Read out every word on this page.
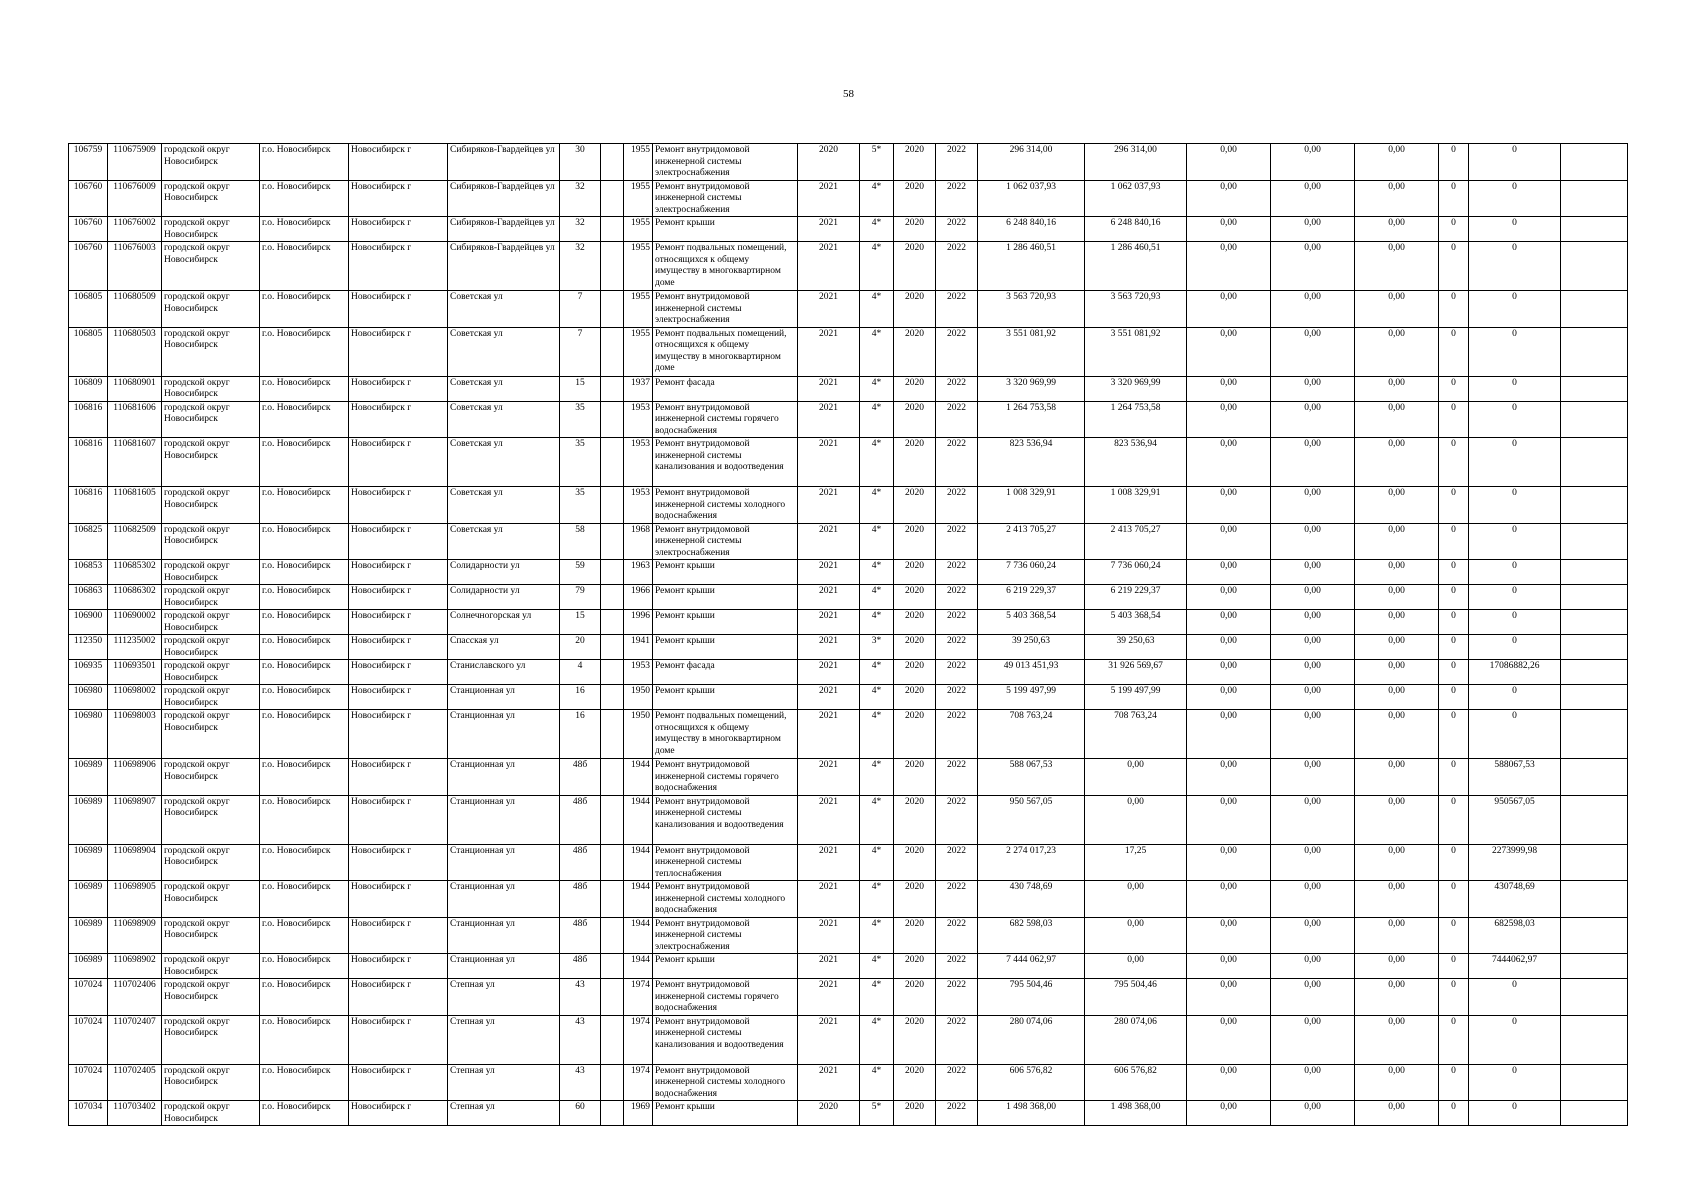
58
106759	110675909	городской округ Новосибирск	г.о. Новосибирск	Новосибирск г	Сибиряков-Гвардейцев ул	30		1955	Ремонт внутридомовой инженерной системы электроснабжения	2020	5*	2020	2022	296 314,00	296 314,00	0,00	0,00	0,00	0	0	
106760	110676009	городской округ Новосибирск	г.о. Новосибирск	Новосибирск г	Сибиряков-Гвардейцев ул	32		1955	Ремонт внутридомовой инженерной системы электроснабжения	2021	4*	2020	2022	1 062 037,93	1 062 037,93	0,00	0,00	0,00	0	0	
106760	110676002	городской округ Новосибирск	г.о. Новосибирск	Новосибирск г	Сибиряков-Гвардейцев ул	32		1955	Ремонт крыши	2021	4*	2020	2022	6 248 840,16	6 248 840,16	0,00	0,00	0,00	0	0	
106760	110676003	городской округ Новосибирск	г.о. Новосибирск	Новосибирск г	Сибиряков-Гвардейцев ул	32		1955	Ремонт подвальных помещений, относящихся к общему имуществу в многоквартирном доме	2021	4*	2020	2022	1 286 460,51	1 286 460,51	0,00	0,00	0,00	0	0	
106805	110680509	городской округ Новосибирск	г.о. Новосибирск	Новосибирск г	Советская ул	7		1955	Ремонт внутридомовой инженерной системы электроснабжения	2021	4*	2020	2022	3 563 720,93	3 563 720,93	0,00	0,00	0,00	0	0	
106805	110680503	городской округ Новосибирск	г.о. Новосибирск	Новосибирск г	Советская ул	7		1955	Ремонт подвальных помещений, относящихся к общему имуществу в многоквартирном доме	2021	4*	2020	2022	3 551 081,92	3 551 081,92	0,00	0,00	0,00	0	0	
106809	110680901	городской округ Новосибирск	г.о. Новосибирск	Новосибирск г	Советская ул	15		1937	Ремонт фасада	2021	4*	2020	2022	3 320 969,99	3 320 969,99	0,00	0,00	0,00	0	0	
106816	110681606	городской округ Новосибирск	г.о. Новосибирск	Новосибирск г	Советская ул	35		1953	Ремонт внутридомовой инженерной системы горячего водоснабжения	2021	4*	2020	2022	1 264 753,58	1 264 753,58	0,00	0,00	0,00	0	0	
106816	110681607	городской округ Новосибирск	г.о. Новосибирск	Новосибирск г	Советская ул	35		1953	Ремонт внутридомовой инженерной системы канализования и водоотведения	2021	4*	2020	2022	823 536,94	823 536,94	0,00	0,00	0,00	0	0	
106816	110681605	городской округ Новосибирск	г.о. Новосибирск	Новосибирск г	Советская ул	35		1953	Ремонт внутридомовой инженерной системы холодного водоснабжения	2021	4*	2020	2022	1 008 329,91	1 008 329,91	0,00	0,00	0,00	0	0	
106825	110682509	городской округ Новосибирск	г.о. Новосибирск	Новосибирск г	Советская ул	58		1968	Ремонт внутридомовой инженерной системы электроснабжения	2021	4*	2020	2022	2 413 705,27	2 413 705,27	0,00	0,00	0,00	0	0	
106853	110685302	городской округ Новосибирск	г.о. Новосибирск	Новосибирск г	Солидарности ул	59		1963	Ремонт крыши	2021	4*	2020	2022	7 736 060,24	7 736 060,24	0,00	0,00	0,00	0	0	
106863	110686302	городской округ Новосибирск	г.о. Новосибирск	Новосибирск г	Солидарности ул	79		1966	Ремонт крыши	2021	4*	2020	2022	6 219 229,37	6 219 229,37	0,00	0,00	0,00	0	0	
106900	110690002	городской округ Новосибирск	г.о. Новосибирск	Новосибирск г	Солнечногорская ул	15		1996	Ремонт крыши	2021	4*	2020	2022	5 403 368,54	5 403 368,54	0,00	0,00	0,00	0	0	
112350	111235002	городской округ Новосибирск	г.о. Новосибирск	Новосибирск г	Спасская ул	20		1941	Ремонт крыши	2021	3*	2020	2022	39 250,63	39 250,63	0,00	0,00	0,00	0	0	
106935	110693501	городской округ Новосибирск	г.о. Новосибирск	Новосибирск г	Станиславского ул	4		1953	Ремонт фасада	2021	4*	2020	2022	49 013 451,93	31 926 569,67	0,00	0,00	0,00	0	17086882,26	
106980	110698002	городской округ Новосибирск	г.о. Новосибирск	Новосибирск г	Станционная ул	16		1950	Ремонт крыши	2021	4*	2020	2022	5 199 497,99	5 199 497,99	0,00	0,00	0,00	0	0	
106980	110698003	городской округ Новосибирск	г.о. Новосибирск	Новосибирск г	Станционная ул	16		1950	Ремонт подвальных помещений, относящихся к общему имуществу в многоквартирном доме	2021	4*	2020	2022	708 763,24	708 763,24	0,00	0,00	0,00	0	0	
106989	110698906	городской округ Новосибирск	г.о. Новосибирск	Новосибирск г	Станционная ул	48б		1944	Ремонт внутридомовой инженерной системы горячего водоснабжения	2021	4*	2020	2022	588 067,53	0,00	0,00	0,00	0,00	0	588067,53	
106989	110698907	городской округ Новосибирск	г.о. Новосибирск	Новосибирск г	Станционная ул	48б		1944	Ремонт внутридомовой инженерной системы канализования и водоотведения	2021	4*	2020	2022	950 567,05	0,00	0,00	0,00	0,00	0	950567,05	
106989	110698904	городской округ Новосибирск	г.о. Новосибирск	Новосибирск г	Станционная ул	48б		1944	Ремонт внутридомовой инженерной системы теплоснабжения	2021	4*	2020	2022	2 274 017,23	17,25	0,00	0,00	0,00	0	2273999,98	
106989	110698905	городской округ Новосибирск	г.о. Новосибирск	Новосибирск г	Станционная ул	48б		1944	Ремонт внутридомовой инженерной системы холодного водоснабжения	2021	4*	2020	2022	430 748,69	0,00	0,00	0,00	0,00	0	430748,69	
106989	110698909	городской округ Новосибирск	г.о. Новосибирск	Новосибирск г	Станционная ул	48б		1944	Ремонт внутридомовой инженерной системы электроснабжения	2021	4*	2020	2022	682 598,03	0,00	0,00	0,00	0,00	0	682598,03	
106989	110698902	городской округ Новосибирск	г.о. Новосибирск	Новосибирск г	Станционная ул	48б		1944	Ремонт крыши	2021	4*	2020	2022	7 444 062,97	0,00	0,00	0,00	0,00	0	7444062,97	
107024	110702406	городской округ Новосибирск	г.о. Новосибирск	Новосибирск г	Степная ул	43		1974	Ремонт внутридомовой инженерной системы горячего водоснабжения	2021	4*	2020	2022	795 504,46	795 504,46	0,00	0,00	0,00	0	0	
107024	110702407	городской округ Новосибирск	г.о. Новосибирск	Новосибирск г	Степная ул	43		1974	Ремонт внутридомовой инженерной системы канализования и водоотведения	2021	4*	2020	2022	280 074,06	280 074,06	0,00	0,00	0,00	0	0	
107024	110702405	городской округ Новосибирск	г.о. Новосибирск	Новосибирск г	Степная ул	43		1974	Ремонт внутридомовой инженерной системы холодного водоснабжения	2021	4*	2020	2022	606 576,82	606 576,82	0,00	0,00	0,00	0	0	
107034	110703402	городской округ Новосибирск	г.о. Новосибирск	Новосибирск г	Степная ул	60		1969	Ремонт крыши	2020	5*	2020	2022	1 498 368,00	1 498 368,00	0,00	0,00	0,00	0	0	
